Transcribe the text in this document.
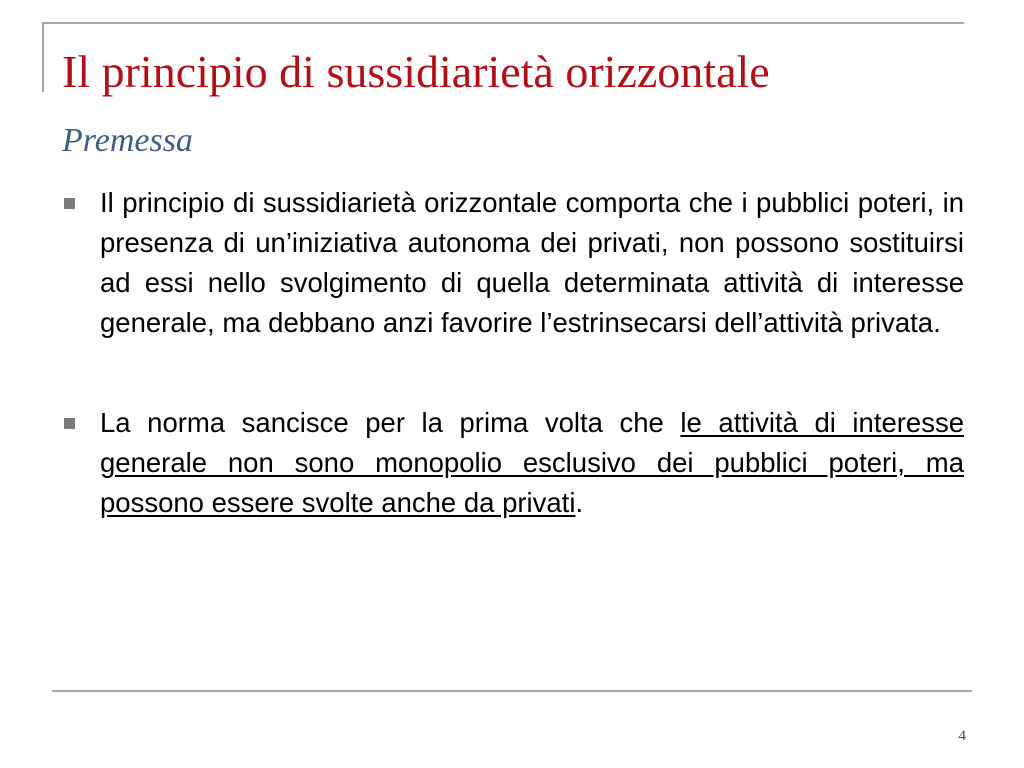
Il principio di sussidiarietà orizzontale
Premessa
Il principio di sussidiarietà orizzontale comporta che i pubblici poteri, in presenza di un’iniziativa autonoma dei privati, non possono sostituirsi ad essi nello svolgimento di quella determinata attività di interesse generale, ma debbano anzi favorire l’estrinsecarsi dell’attività privata.
La norma sancisce per la prima volta che le attività di interesse generale non sono monopolio esclusivo dei pubblici poteri, ma possono essere svolte anche da privati.
4
